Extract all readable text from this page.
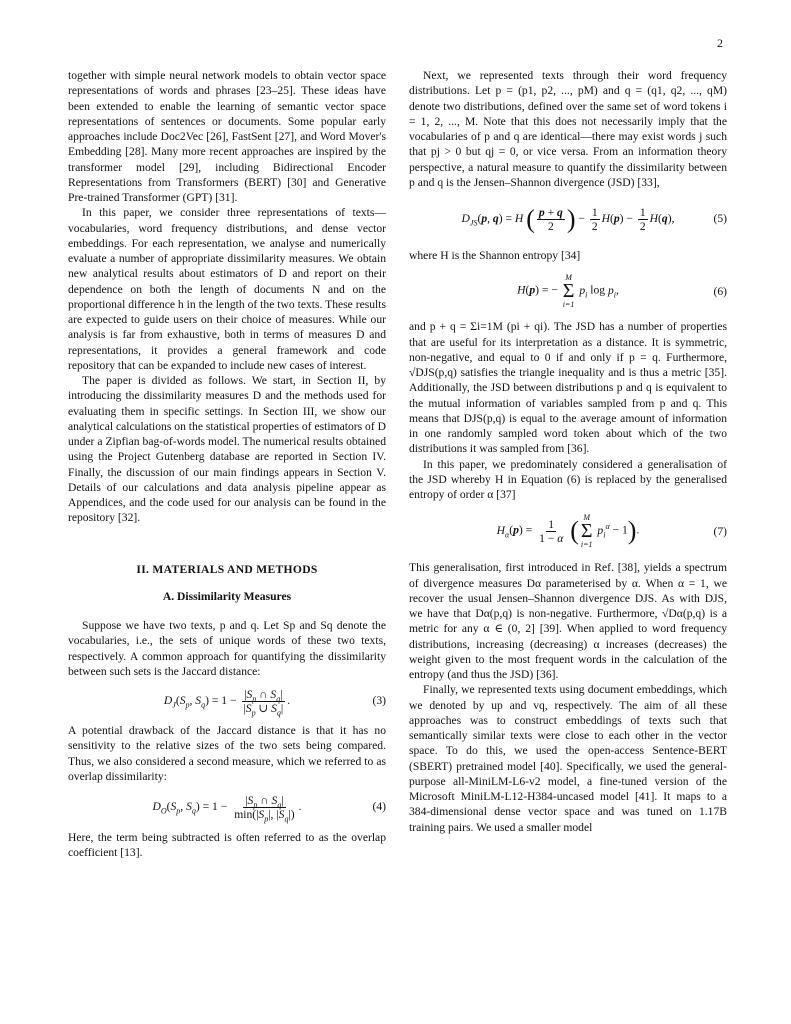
2

together with simple neural network models to obtain vector space representations of words and phrases [23–25]. These ideas have been extended to enable the learning of semantic vector space representations of sentences or documents. Some popular early approaches include Doc2Vec [26], FastSent [27], and Word Mover's Embedding [28]. Many more recent approaches are inspired by the transformer model [29], including Bidirectional Encoder Representations from Transformers (BERT) [30] and Generative Pre-trained Transformer (GPT) [31].

In this paper, we consider three representations of texts—vocabularies, word frequency distributions, and dense vector embeddings. For each representation, we analyse and numerically evaluate a number of appropriate dissimilarity measures. We obtain new analytical results about estimators of D and report on their dependence on both the length of documents N and on the proportional difference h in the length of the two texts. These results are expected to guide users on their choice of measures. While our analysis is far from exhaustive, both in terms of measures D and representations, it provides a general framework and code repository that can be expanded to include new cases of interest.

The paper is divided as follows. We start, in Section II, by introducing the dissimilarity measures D and the methods used for evaluating them in specific settings. In Section III, we show our analytical calculations on the statistical properties of estimators of D under a Zipfian bag-of-words model. The numerical results obtained using the Project Gutenberg database are reported in Section IV. Finally, the discussion of our main findings appears in Section V. Details of our calculations and data analysis pipeline appear as Appendices, and the code used for our analysis can be found in the repository [32].

II. MATERIALS AND METHODS

A. Dissimilarity Measures

Suppose we have two texts, p and q. Let Sp and Sq denote the vocabularies, i.e., the sets of unique words of these two texts, respectively. A common approach for quantifying the dissimilarity between such sets is the Jaccard distance:

$D_J(S_p$, $S_q) = 1 - \frac{|S_p \cap S_q|}{|S_p \cup S_q|}$ .	(3)

A potential drawback of the Jaccard distance is that it has no sensitivity to the relative sizes of the two sets being compared. Thus, we also considered a second measure, which we referred to as overlap dissimilarity:

$D_O(S_p$, $S_q) = 1 - \frac{|S_p \cap S_q|}{\min(|S_p|, |S_q|)}$ .	(4)

Here, the term being subtracted is often referred to as the overlap coefficient [13].

Next, we represented texts through their word frequency distributions. Let p = (p1, p2, ..., pM) and q = (q1, q2, ..., qM) denote two distributions, defined over the same set of word tokens i = 1, 2, ..., M. Note that this does not necessarily imply that the vocabularies of p and q are identical—there may exist words j such that pj > 0 but qj = 0, or vice versa. From an information theory perspective, a natural measure to quantify the dissimilarity between p and q is the Jensen–Shannon divergence (JSD) [33],

$D_{JS}(p$, q) = H ( $\frac{p + q}{2}$ ) − $\frac{1}{2} H(p) - \frac{1}{2} H(q)$,	(5)

where H is the Shannon entropy [34]

H(p) = −
M
Σ
i=1
$p_i$ $\log p_i$,	(6)

and p + q = Σi=1M (pi + qi). The JSD has a number of properties that are useful for its interpretation as a distance. It is symmetric, non-negative, and equal to 0 if and only if p = q. Furthermore, √DJS(p,q) satisfies the triangle inequality and is thus a metric [35]. Additionally, the JSD between distributions p and q is equivalent to the mutual information of variables sampled from p and q. This means that DJS(p,q) is equal to the average amount of information in one randomly sampled word token about which of the two distributions it was sampled from [36].

In this paper, we predominately considered a generalisation of the JSD whereby H in Equation (6) is replaced by the generalised entropy of order α [37]

$H_\alpha(p) = \frac{1}{1 - \alpha}$ ( M
Σ
i=1
$p_i^\alpha - 1$).	(7)

This generalisation, first introduced in Ref. [38], yields a spectrum of divergence measures Dα parameterised by α. When α = 1, we recover the usual Jensen–Shannon divergence DJS. As with DJS, we have that Dα(p,q) is non-negative. Furthermore, √Dα(p,q) is a metric for any α ∈ (0, 2] [39]. When applied to word frequency distributions, increasing (decreasing) α increases (decreases) the weight given to the most frequent words in the calculation of the entropy (and thus the JSD) [36].

Finally, we represented texts using document embeddings, which we denoted by up and vq, respectively. The aim of all these approaches was to construct embeddings of texts such that semantically similar texts were close to each other in the vector space. To do this, we used the open-access Sentence-BERT (SBERT) pretrained model [40]. Specifically, we used the general-purpose all-MiniLM-L6-v2 model, a fine-tuned version of the Microsoft MiniLM-L12-H384-uncased model [41]. It maps to a 384-dimensional dense vector space and was tuned on 1.17B training pairs. We used a smaller model
